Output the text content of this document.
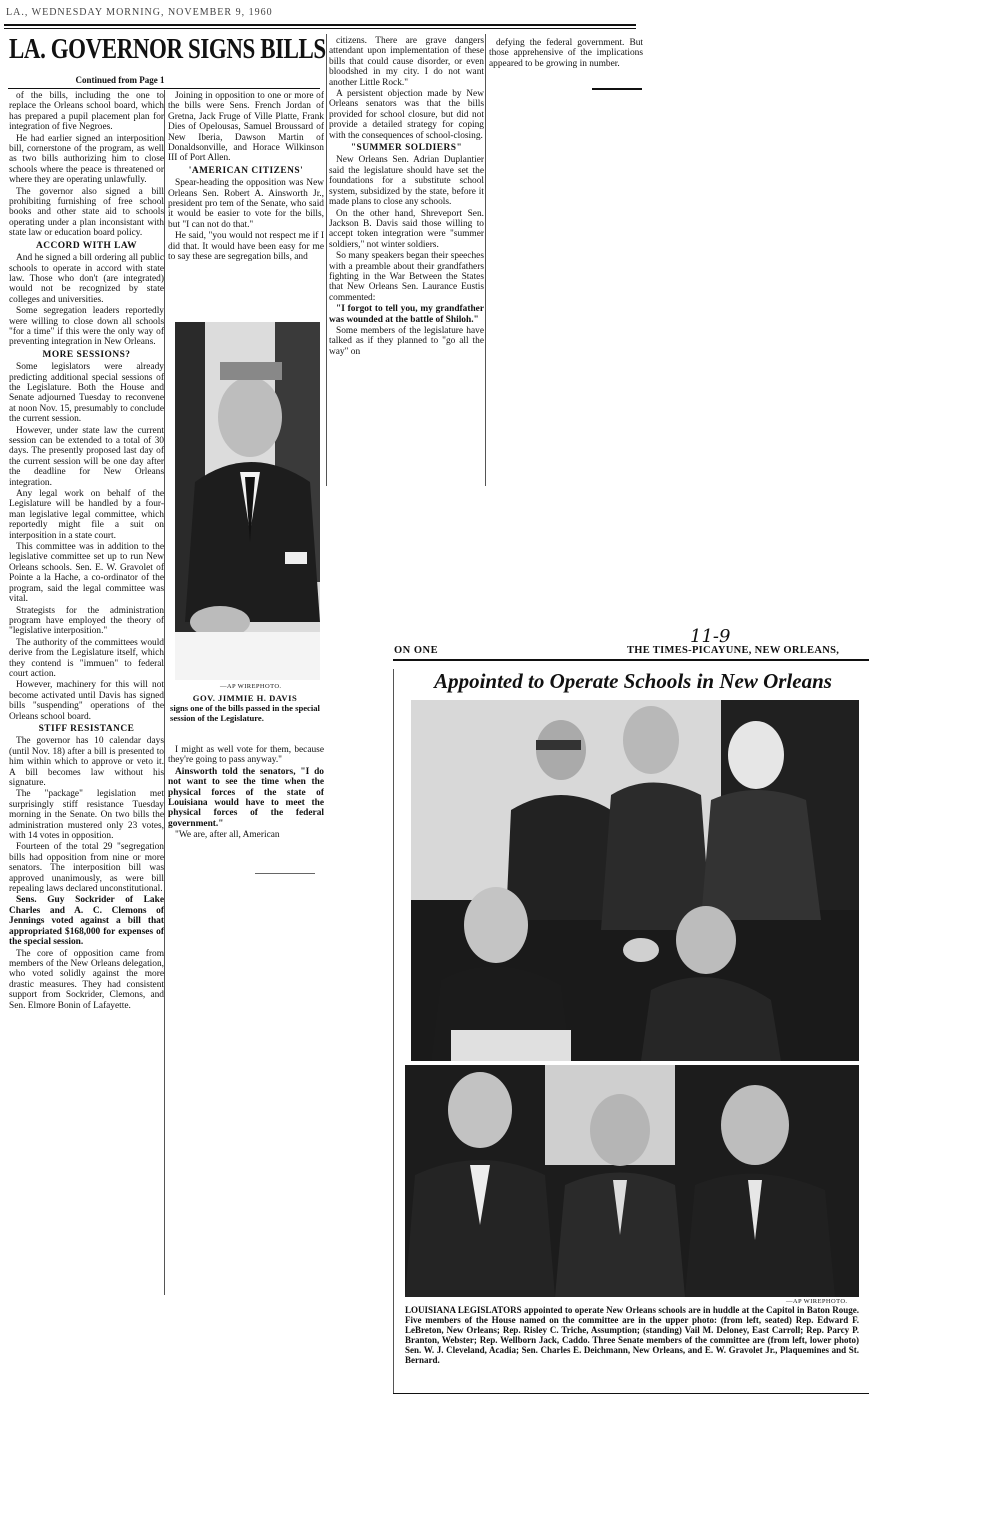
LA., WEDNESDAY MORNING, NOVEMBER 9, 1960
LA. GOVERNOR SIGNS BILLS
Continued from Page 1

of the bills, including the one to replace the Orleans school board, which has prepared a pupil placement plan for integration of five Negroes.

He had earlier signed an interposition bill, cornerstone of the program, as well as two bills authorizing him to close schools where the peace is threatened or where they are operating unlawfully.

The governor also signed a bill prohibiting furnishing of free school books and other state aid to schools operating under a plan inconsistant with state law or education board policy.

ACCORD WITH LAW

And he signed a bill ordering all public schools to operate in accord with state law. Those who don't (are integrated) would not be recognized by state colleges and universities.

Some segregation leaders reportedly were willing to close down all schools "for a time" if this were the only way of preventing integration in New Orleans.

MORE SESSIONS?

Some legislators were already predicting additional special sessions of the Legislature. Both the House and Senate adjourned Tuesday to reconvene at noon Nov. 15, presumably to conclude the current session.

However, under state law the current session can be extended to a total of 30 days. The presently proposed last day of the current session will be one day after the deadline for New Orleans integration.

Any legal work on behalf of the Legislature will be handled by a four-man legislative legal committee, which reportedly might file a suit on interposition in a state court.

This committee was in addition to the legislative committee set up to run New Orleans schools. Sen. E. W. Gravolet of Pointe a la Hache, a co-ordinator of the program, said the legal committee was vital.

Strategists for the administration program have employed the theory of "legislative interposition."

The authority of the committees would derive from the Legislature itself, which they contend is "immuen" to federal court action.

However, machinery for this will not become activated until Davis has signed bills "suspending" operations of the Orleans school board.

STIFF RESISTANCE

The governor has 10 calendar days (until Nov. 18) after a bill is presented to him within which to approve or veto it. A bill becomes law without his signature.

The "package" legislation met surprisingly stiff resistance Tuesday morning in the Senate. On two bills the administration mustered only 23 votes, with 14 votes in opposition.

Fourteen of the total 29 "segregation bills had opposition from nine or more senators. The interposition bill was approved unanimously, as were bill repealing laws declared unconstitutional.

Sens. Guy Sockrider of Lake Charles and A. C. Clemons of Jennings voted against a bill that appropriated $168,000 for expenses of the special session.

The core of opposition came from members of the New Orleans delegation, who voted solidly against the more drastic measures. They had consistent support from Sockrider, Clemons, and Sen. Elmore Bonin of Lafayette.

Joining in opposition to one or more of the bills were Sens. French Jordan of Gretna, Jack Fruge of Ville Platte, Frank Dies of Opelousas, Samuel Broussard of New Iberia, Dawson Martin of Donaldsonville, and Horace Wilkinson III of Port Allen.

'AMERICAN CITIZENS'

Spear-heading the opposition was New Orleans Sen. Robert A. Ainsworth Jr., president pro tem of the Senate, who said it would be easier to vote for the bills, but "I can not do that."

He said, "you would not respect me if I did that. It would have been easy for me to say these are segregation bills, and

—AP WIREPHOTO.
GOV. JIMMIE H. DAVIS
signs one of the bills passed in the special session of the Legislature.

I might as well vote for them, because they're going to pass anyway."

Ainsworth told the senators, "I do not want to see the time when the physical forces of the state of Louisiana would have to meet the physical forces of the federal government."

"We are, after all, American

citizens. There are grave dangers attendant upon implementation of these bills that could cause disorder, or even bloodshed in my city. I do not want another Little Rock."

A persistent objection made by New Orleans senators was that the bills provided for school closure, but did not provide a detailed strategy for coping with the consequences of school-closing.

"SUMMER SOLDIERS"

New Orleans Sen. Adrian Duplantier said the legislature should have set the foundations for a substitute school system, subsidized by the state, before it made plans to close any schools.

On the other hand, Shreveport Sen. Jackson B. Davis said those willing to accept token integration were "summer soldiers," not winter soldiers.

So many speakers began their speeches with a preamble about their grandfathers fighting in the War Between the States that New Orleans Sen. Laurance Eustis commented:

"I forgot to tell you, my grandfather was wounded at the battle of Shiloh."

Some members of the legislature have talked as if they planned to "go all the way" on

defying the federal government. But those apprehensive of the implications appeared to be growing in number.

11-9
ON ONE	THE TIMES-PICAYUNE, NEW ORLEANS,
Appointed to Operate Schools in New Orleans
—AP WIREPHOTO.
LOUISIANA LEGISLATORS appointed to operate New Orleans schools are in huddle at the Capitol in Baton Rouge. Five members of the House named on the committee are in the upper photo: (from left, seated) Rep. Edward F. LeBreton, New Orleans; Rep. Risley C. Triche, Assumption; (standing) Vail M. Deloney, East Carroll; Rep. Parcy P. Branton, Webster; Rep. Wellborn Jack, Caddo. Three Senate members of the committee are (from left, lower photo) Sen. W. J. Cleveland, Acadia; Sen. Charles E. Deichmann, New Orleans, and E. W. Gravolet Jr., Plaquemines and St. Bernard.
